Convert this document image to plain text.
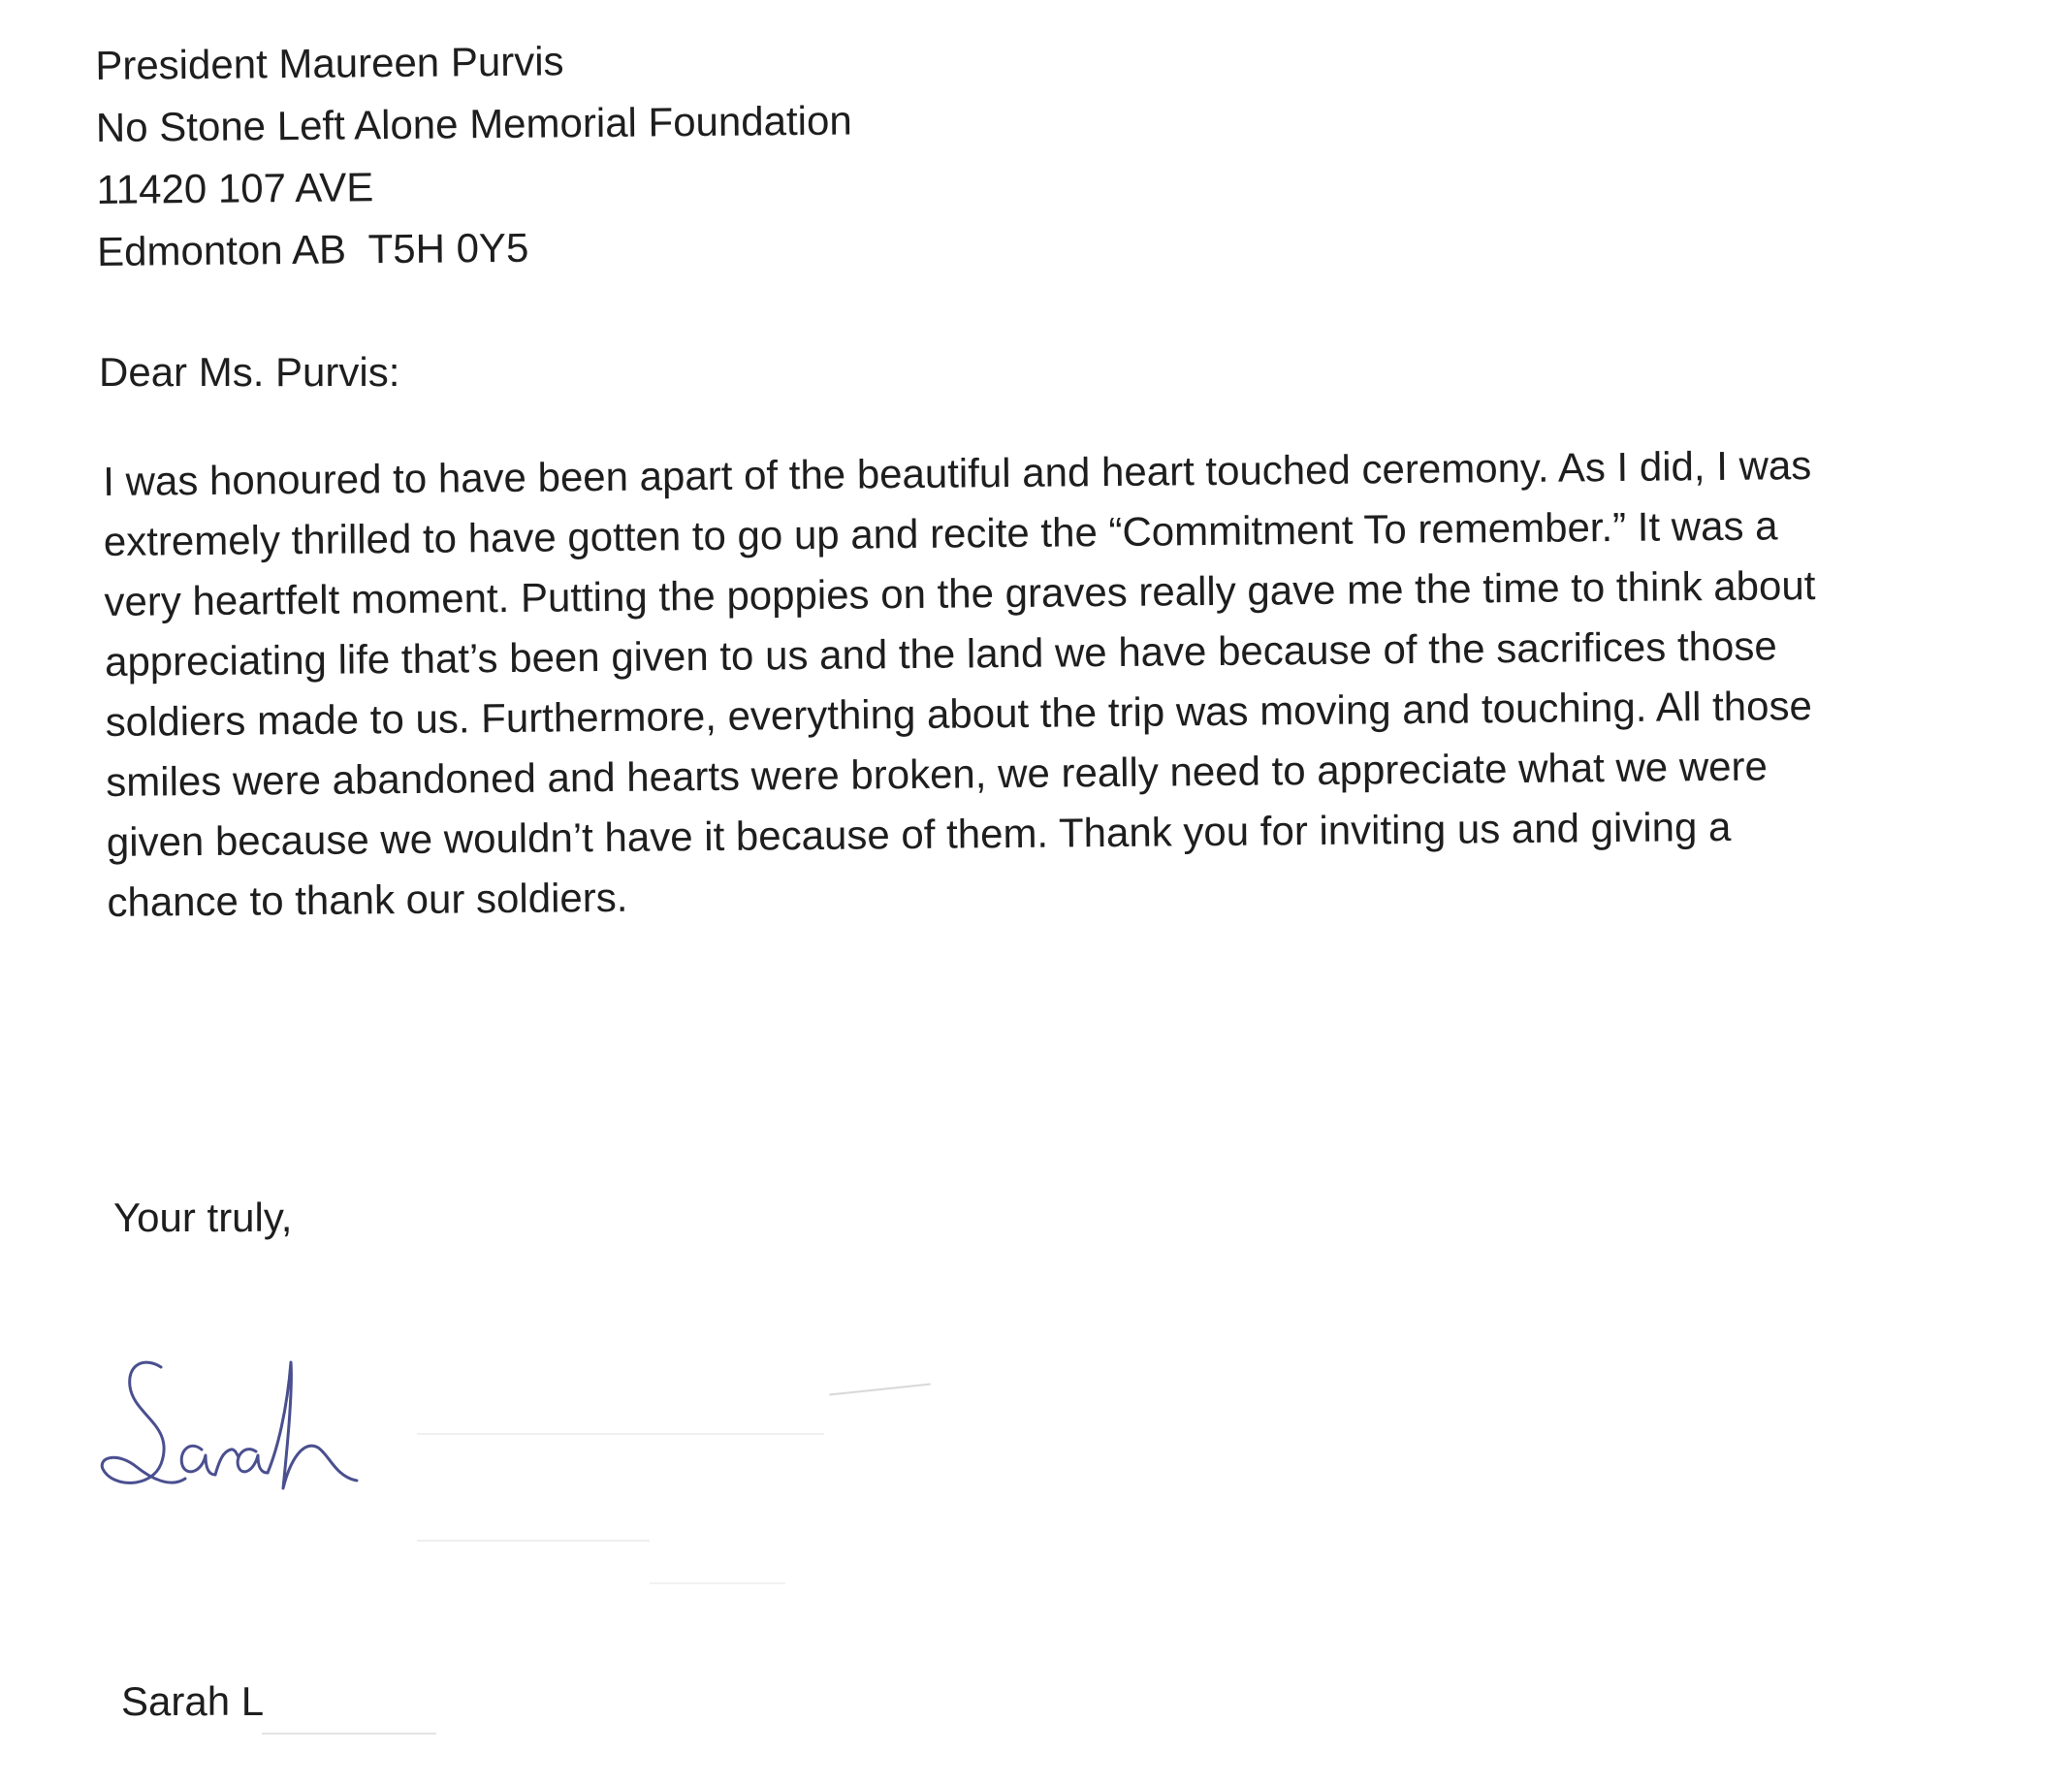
President Maureen Purvis
No Stone Left Alone Memorial Foundation
11420 107 AVE
Edmonton AB  T5H 0Y5
Dear Ms. Purvis:
I was honoured to have been apart of the beautiful and heart touched ceremony. As I did, I was
extremely thrilled to have gotten to go up and recite the “Commitment To remember.” It was a
very heartfelt moment. Putting the poppies on the graves really gave me the time to think about
appreciating life that’s been given to us and the land we have because of the sacrifices those
soldiers made to us. Furthermore, everything about the trip was moving and touching. All those
smiles were abandoned and hearts were broken, we really need to appreciate what we were
given because we wouldn’t have it because of them. Thank you for inviting us and giving a
chance to thank our soldiers.
Your truly,
Sarah L
